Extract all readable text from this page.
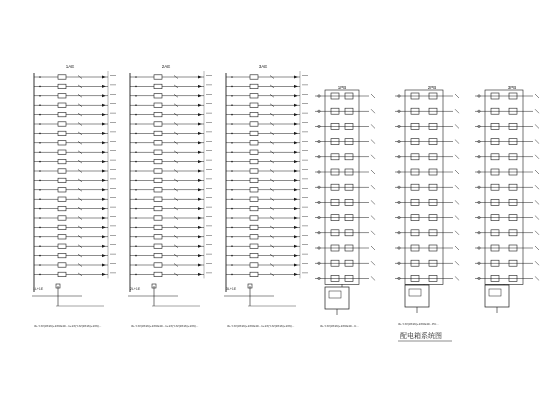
1AE
1L+1E
3L-YJV(3X16)+1X6G40...1+1X(YJV(3X16)+1X6)...
2AE
2L+1E
3L-YJV(3X16)+1X6G40...1+1X(YJV(3X16)+1X6)...
3AE
3L+1E
3L-YJV(3X16)+1X6G40...1+1X(YJV(3X16)+1X6)...
1PB
3L-YJV(3X16)+1X6G40...C...
2PB
3L-YJV(3X16)+1X6G40...PC...
3PB
配电箱系统图
